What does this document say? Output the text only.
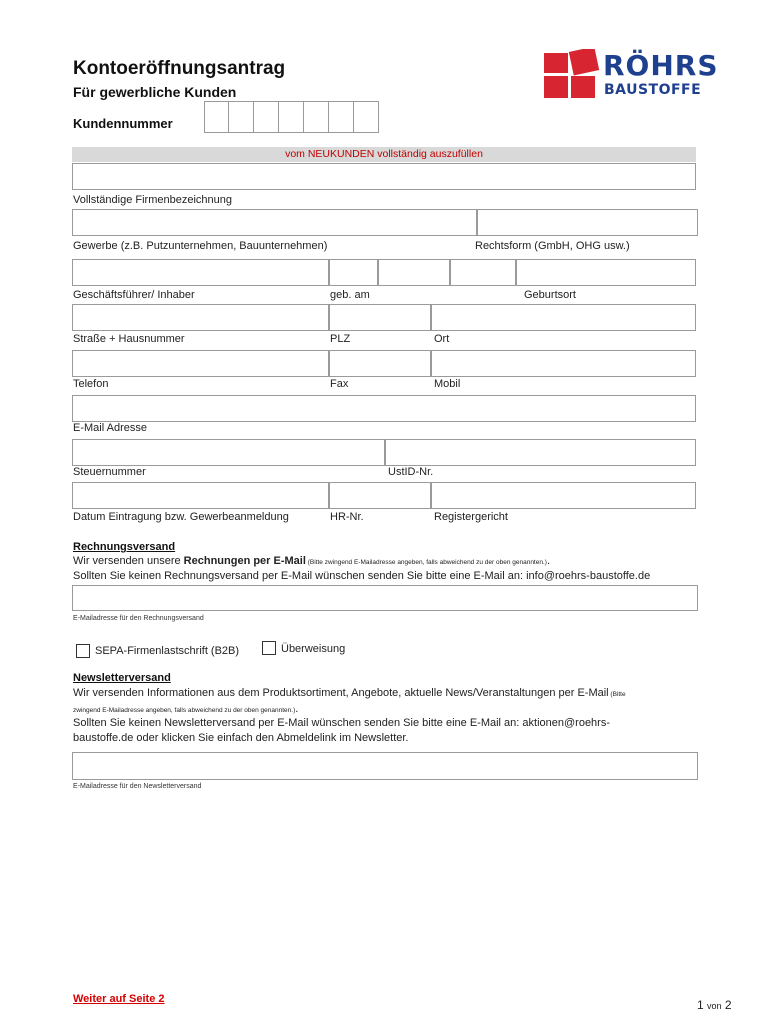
Kontoeröffnungsantrag
Für gewerbliche Kunden
Kundennummer
RÖHRS
BAUSTOFFE
vom NEUKUNDEN vollständig auszufüllen
Vollständige Firmenbezeichnung
Gewerbe (z.B. Putzunternehmen, Bauunternehmen)	Rechtsform (GmbH, OHG usw.)
Geschäftsführer/ Inhaber	geb. am	Geburtsort
Straße + Hausnummer	PLZ	Ort
Telefon	Fax	Mobil
E-Mail Adresse
Steuernummer	UstID-Nr.
Datum Eintragung bzw. Gewerbeanmeldung	HR-Nr.	Registergericht
Rechnungsversand
Wir versenden unsere Rechnungen per E-Mail (Bitte zwingend E-Mailadresse angeben, falls abweichend zu der oben genannten.).
Sollten Sie keinen Rechnungsversand per E-Mail wünschen senden Sie bitte eine E-Mail an: info@roehrs-baustoffe.de
E-Mailadresse für den Rechnungsversand
SEPA-Firmenlastschrift (B2B)	Überweisung
Newsletterversand
Wir versenden Informationen aus dem Produktsortiment, Angebote, aktuelle News/Veranstaltungen per E-Mail (Bitte
zwingend E-Mailadresse angeben, falls abweichend zu der oben genannten.).
Sollten Sie keinen Newsletterversand per E-Mail wünschen senden Sie bitte eine E-Mail an: aktionen@roehrs-
baustoffe.de oder klicken Sie einfach den Abmeldelink im Newsletter.
E-Mailadresse für den Newsletterversand
Weiter auf Seite 2	1 von 2
